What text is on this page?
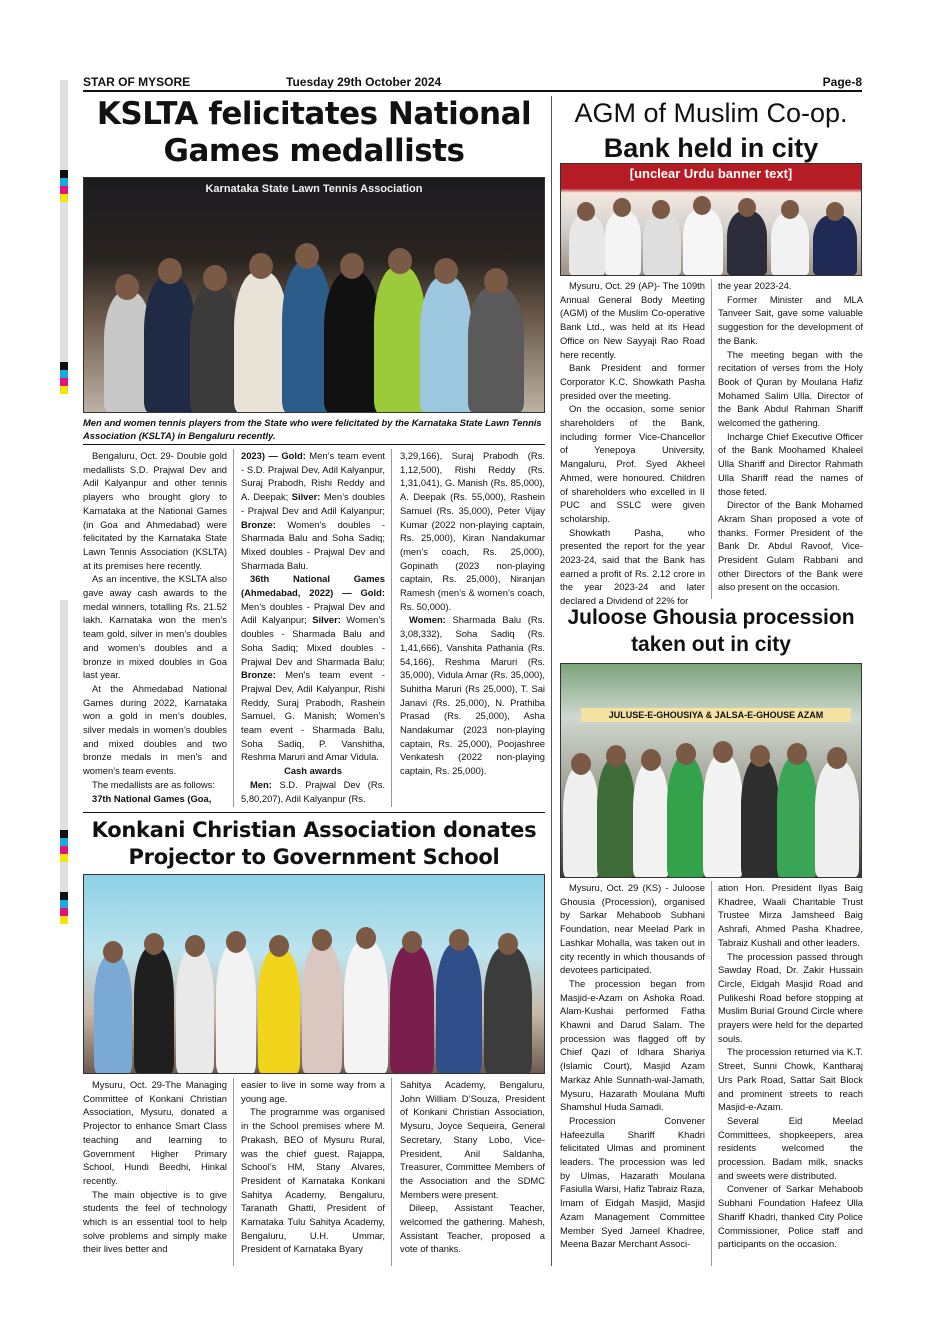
STAR OF MYSORE	Tuesday 29th October 2024	Page-8
KSLTA felicitates National Games medallists
Karnataka State Lawn Tennis Association
Men and women tennis players from the State who were felicitated by the Karnataka State Lawn Tennis Association (KSLTA) in Bengaluru recently.

Bengaluru, Oct. 29- Double gold medallists S.D. Prajwal Dev and Adil Kalyanpur and other tennis players who brought glory to Karnataka at the National Games (in Goa and Ahmedabad) were felicitated by the Karnataka State Lawn Tennis Association (KSLTA) at its premises here recently.

As an incentive, the KSLTA also gave away cash awards to the medal winners, totalling Rs. 21.52 lakh. Karnataka won the men’s team gold, silver in men’s doubles and women’s doubles and a bronze in mixed doubles in Goa last year.

At the Ahmedabad National Games during 2022, Karnataka won a gold in men’s doubles, silver medals in women’s doubles and mixed doubles and two bronze medals in men’s and women’s team events.

The medallists are as follows:

37th National Games (Goa,

2023) — Gold: Men’s team event - S.D. Prajwal Dev, Adil Kalyanpur, Suraj Prabodh, Rishi Reddy and A. Deepak; Silver: Men’s doubles - Prajwal Dev and Adil Kalyanpur; Bronze: Women’s doubles - Sharmada Balu and Soha Sadiq; Mixed doubles - Prajwal Dev and Sharmada Balu.

36th National Games (Ahmedabad, 2022) — Gold: Men’s doubles - Prajwal Dev and Adil Kalyanpur; Silver: Women’s doubles - Sharmada Balu and Soha Sadiq; Mixed doubles - Prajwal Dev and Sharmada Balu; Bronze: Men’s team event - Prajwal Dev, Adil Kalyanpur, Rishi Reddy, Suraj Prabodh, Rashein Samuel, G. Manish; Women’s team event - Sharmada Balu, Soha Sadiq, P. Vanshitha, Reshma Maruri and Amar Vidula.

Cash awards

Men: S.D. Prajwal Dev (Rs. 5,80,207), Adil Kalyanpur (Rs.

3,29,166), Suraj Prabodh (Rs. 1,12,500), Rishi Reddy (Rs. 1,31,041), G. Manish (Rs. 85,000), A. Deepak (Rs. 55,000), Rashein Samuel (Rs. 35,000), Peter Vijay Kumar (2022 non-playing captain, Rs. 25,000), Kiran Nandakumar (men’s coach, Rs. 25,000), Gopinath (2023 non-playing captain, Rs. 25,000), Niranjan Ramesh (men’s & women’s coach, Rs. 50,000).

Women: Sharmada Balu (Rs. 3,08,332), Soha Sadiq (Rs. 1,41,666), Vanshita Pathania (Rs. 54,166), Reshma Maruri (Rs. 35,000), Vidula Amar (Rs. 35,000), Suhitha Maruri (Rs 25,000), T. Sai Janavi (Rs. 25,000), N. Prathiba Prasad (Rs. 25,000), Asha Nandakumar (2023 non-playing captain, Rs. 25,000), Poojashree Venkatesh (2022 non-playing captain, Rs. 25,000).

AGM of Muslim Co-op.
Bank held in city
[unclear Urdu banner text]

Mysuru, Oct. 29 (AP)- The 109th Annual General Body Meeting (AGM) of the Muslim Co-operative Bank Ltd., was held at its Head Office on New Sayyaji Rao Road here recently.

Bank President and former Corporator K.C. Showkath Pasha presided over the meeting.

On the occasion, some senior shareholders of the Bank, including former Vice-Chancellor of Yenepoya University, Mangaluru, Prof. Syed Akheel Ahmed, were honoured. Children of shareholders who excelled in II PUC and SSLC were given scholarship.

Showkath Pasha, who presented the report for the year 2023-24, said that the Bank has earned a profit of Rs. 2.12 crore in the year 2023-24 and later declared a Dividend of 22% for

the year 2023-24.

Former Minister and MLA Tanveer Sait, gave some valuable suggestion for the development of the Bank.

The meeting began with the recitation of verses from the Holy Book of Quran by Moulana Hafiz Mohamed Salim Ulla. Director of the Bank Abdul Rahman Shariff welcomed the gathering.

Incharge Chief Executive Officer of the Bank Moohamed Khaleel Ulla Shariff and Director Rahmath Ulla Shariff read the names of those feted.

Director of the Bank Mohamed Akram Shan proposed a vote of thanks. Former President of the Bank Dr. Abdul Ravoof, Vice-President Gulam Rabbani and other Directors of the Bank were also present on the occasion.

Juloose Ghousia procession taken out in city
JULUSE-E-GHOUSIYA & JALSA-E-GHOUSE AZAM

Mysuru, Oct. 29 (KS) - Juloose Ghousia (Procession), organised by Sarkar Mehaboob Subhani Foundation, near Meelad Park in Lashkar Mohalla, was taken out in city recently in which thousands of devotees participated.

The procession began from Masjid-e-Azam on Ashoka Road. Alam-Kushai performed Fatha Khawni and Darud Salam. The procession was flagged off by Chief Qazi of Idhara Shariya (Islamic Court), Masjid Azam Markaz Ahle Sunnath-wal-Jamath, Mysuru, Hazarath Moulana Mufti Shamshul Huda Samadi.

Procession Convener Hafeezulla Shariff Khadri felicitated Ulmas and prominent leaders. The procession was led by Ulmas, Hazarath Moulana Fasiulla Warsi, Hafiz Tabraiz Raza, Imam of Eidgah Masjid, Masjid Azam Management Committee Member Syed Jameel Khadree, Meena Bazar Merchant Associ-

ation Hon. President Ilyas Baig Khadree, Waali Charitable Trust Trustee Mirza Jamsheed Baig Ashrafi, Ahmed Pasha Khadree, Tabraiz Kushali and other leaders.

The procession passed through Sawday Road, Dr. Zakir Hussain Circle, Eidgah Masjid Road and Pulikeshi Road before stopping at Muslim Burial Ground Circle where prayers were held for the departed souls.

The procession returned via K.T. Street, Sunni Chowk, Kantharaj Urs Park Road, Sattar Sait Block and prominent streets to reach Masjid-e-Azam.

Several Eid Meelad Committees, shopkeepers, area residents welcomed the procession. Badam milk, snacks and sweets were distributed.

Convener of Sarkar Mehaboob Subhani Foundation Hafeez Ulla Shariff Khadri, thanked City Police Commissioner, Police staff and participants on the occasion.

Konkani Christian Association donates Projector to Government School

Mysuru, Oct. 29-The Managing Committee of Konkani Christian Association, Mysuru, donated a Projector to enhance Smart Class teaching and learning to Government Higher Primary School, Hundi Beedhi, Hinkal recently.

The main objective is to give students the feel of technology which is an essential tool to help solve problems and simply make their lives better and

easier to live in some way from a young age.

The programme was organised in the School premises where M. Prakash, BEO of Mysuru Rural, was the chief guest. Rajappa, School’s HM, Stany Alvares, President of Karnataka Konkani Sahitya Academy, Bengaluru, Taranath Ghatti, President of Karnataka Tulu Sahitya Academy, Bengaluru, U.H. Ummar, President of Karnataka Byary

Sahitya Academy, Bengaluru, John William D’Souza, President of Konkani Christian Association, Mysuru, Joyce Sequeira, General Secretary, Stany Lobo, Vice-President, Anil Saldanha, Treasurer, Committee Members of the Association and the SDMC Members were present.

Dileep, Assistant Teacher, welcomed the gathering. Mahesh, Assistant Teacher, proposed a vote of thanks.
